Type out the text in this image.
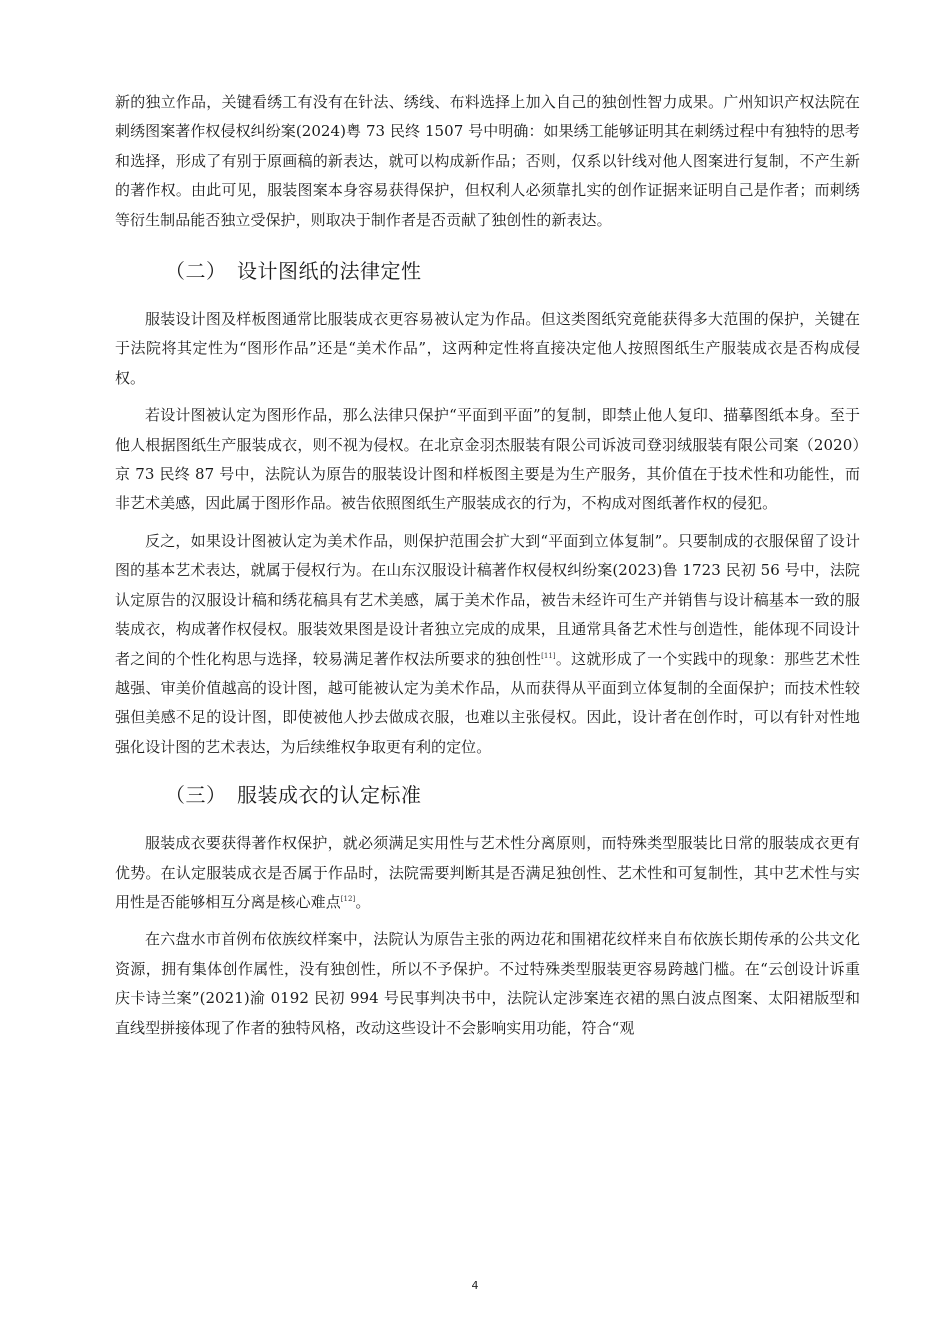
新的独立作品，关键看绣工有没有在针法、绣线、布料选择上加入自己的独创性智力成果。广州知识产权法院在刺绣图案著作权侵权纠纷案(2024)粤 73 民终 1507 号中明确：如果绣工能够证明其在刺绣过程中有独特的思考和选择，形成了有别于原画稿的新表达，就可以构成新作品；否则，仅系以针线对他人图案进行复制，不产生新的著作权。由此可见，服装图案本身容易获得保护，但权利人必须靠扎实的创作证据来证明自己是作者；而刺绣等衍生制品能否独立受保护，则取决于制作者是否贡献了独创性的新表达。

（二） 设计图纸的法律定性

服装设计图及样板图通常比服装成衣更容易被认定为作品。但这类图纸究竟能获得多大范围的保护，关键在于法院将其定性为“图形作品”还是“美术作品”，这两种定性将直接决定他人按照图纸生产服装成衣是否构成侵权。

若设计图被认定为图形作品，那么法律只保护“平面到平面”的复制，即禁止他人复印、描摹图纸本身。至于他人根据图纸生产服装成衣，则不视为侵权。在北京金羽杰服装有限公司诉波司登羽绒服装有限公司案（2020）京 73 民终 87 号中，法院认为原告的服装设计图和样板图主要是为生产服务，其价值在于技术性和功能性，而非艺术美感，因此属于图形作品。被告依照图纸生产服装成衣的行为，不构成对图纸著作权的侵犯。

反之，如果设计图被认定为美术作品，则保护范围会扩大到“平面到立体复制”。只要制成的衣服保留了设计图的基本艺术表达，就属于侵权行为。在山东汉服设计稿著作权侵权纠纷案(2023)鲁 1723 民初 56 号中，法院认定原告的汉服设计稿和绣花稿具有艺术美感，属于美术作品，被告未经许可生产并销售与设计稿基本一致的服装成衣，构成著作权侵权。服装效果图是设计者独立完成的成果，且通常具备艺术性与创造性，能体现不同设计者之间的个性化构思与选择，较易满足著作权法所要求的独创性[11]。这就形成了一个实践中的现象：那些艺术性越强、审美价值越高的设计图，越可能被认定为美术作品，从而获得从平面到立体复制的全面保护；而技术性较强但美感不足的设计图，即使被他人抄去做成衣服，也难以主张侵权。因此，设计者在创作时，可以有针对性地强化设计图的艺术表达，为后续维权争取更有利的定位。

（三） 服装成衣的认定标准

服装成衣要获得著作权保护，就必须满足实用性与艺术性分离原则，而特殊类型服装比日常的服装成衣更有优势。在认定服装成衣是否属于作品时，法院需要判断其是否满足独创性、艺术性和可复制性，其中艺术性与实用性是否能够相互分离是核心难点[12]。

在六盘水市首例布依族纹样案中，法院认为原告主张的两边花和围裙花纹样来自布依族长期传承的公共文化资源，拥有集体创作属性，没有独创性，所以不予保护。不过特殊类型服装更容易跨越门槛。在“云创设计诉重庆卡诗兰案”(2021)渝 0192 民初 994 号民事判决书中，法院认定涉案连衣裙的黑白波点图案、太阳裙版型和直线型拼接体现了作者的独特风格，改动这些设计不会影响实用功能，符合“观

4
